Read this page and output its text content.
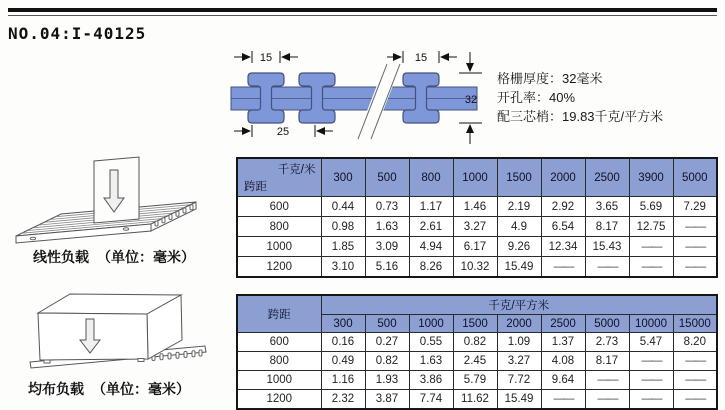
NO.04:I-40125
15	15
25
32
格栅厚度：32毫米
开孔率：40%
配三芯梢：19.83千克/平方米
线性负载 （单位：毫米）
均布负载 （单位：毫米）
千克/米
跨距	300	500	800	1000	1500	2000	2500	3900	5000
600	0.44	0.73	1.17	1.46	2.19	2.92	3.65	5.69	7.29
800	0.98	1.63	2.61	3.27	4.9	6.54	8.17	12.75	——
1000	1.85	3.09	4.94	6.17	9.26	12.34	15.43	——	——
1200	3.10	5.16	8.26	10.32	15.49	——	——	——	——
跨距	千克/平方米								
	300	500	1000	1500	2000	2500	5000	10000	15000
600	0.16	0.27	0.55	0.82	1.09	1.37	2.73	5.47	8.20
800	0.49	0.82	1.63	2.45	3.27	4.08	8.17	——	——
1000	1.16	1.93	3.86	5.79	7.72	9.64	——	——	——
1200	2.32	3.87	7.74	11.62	15.49	——	——	——	——
